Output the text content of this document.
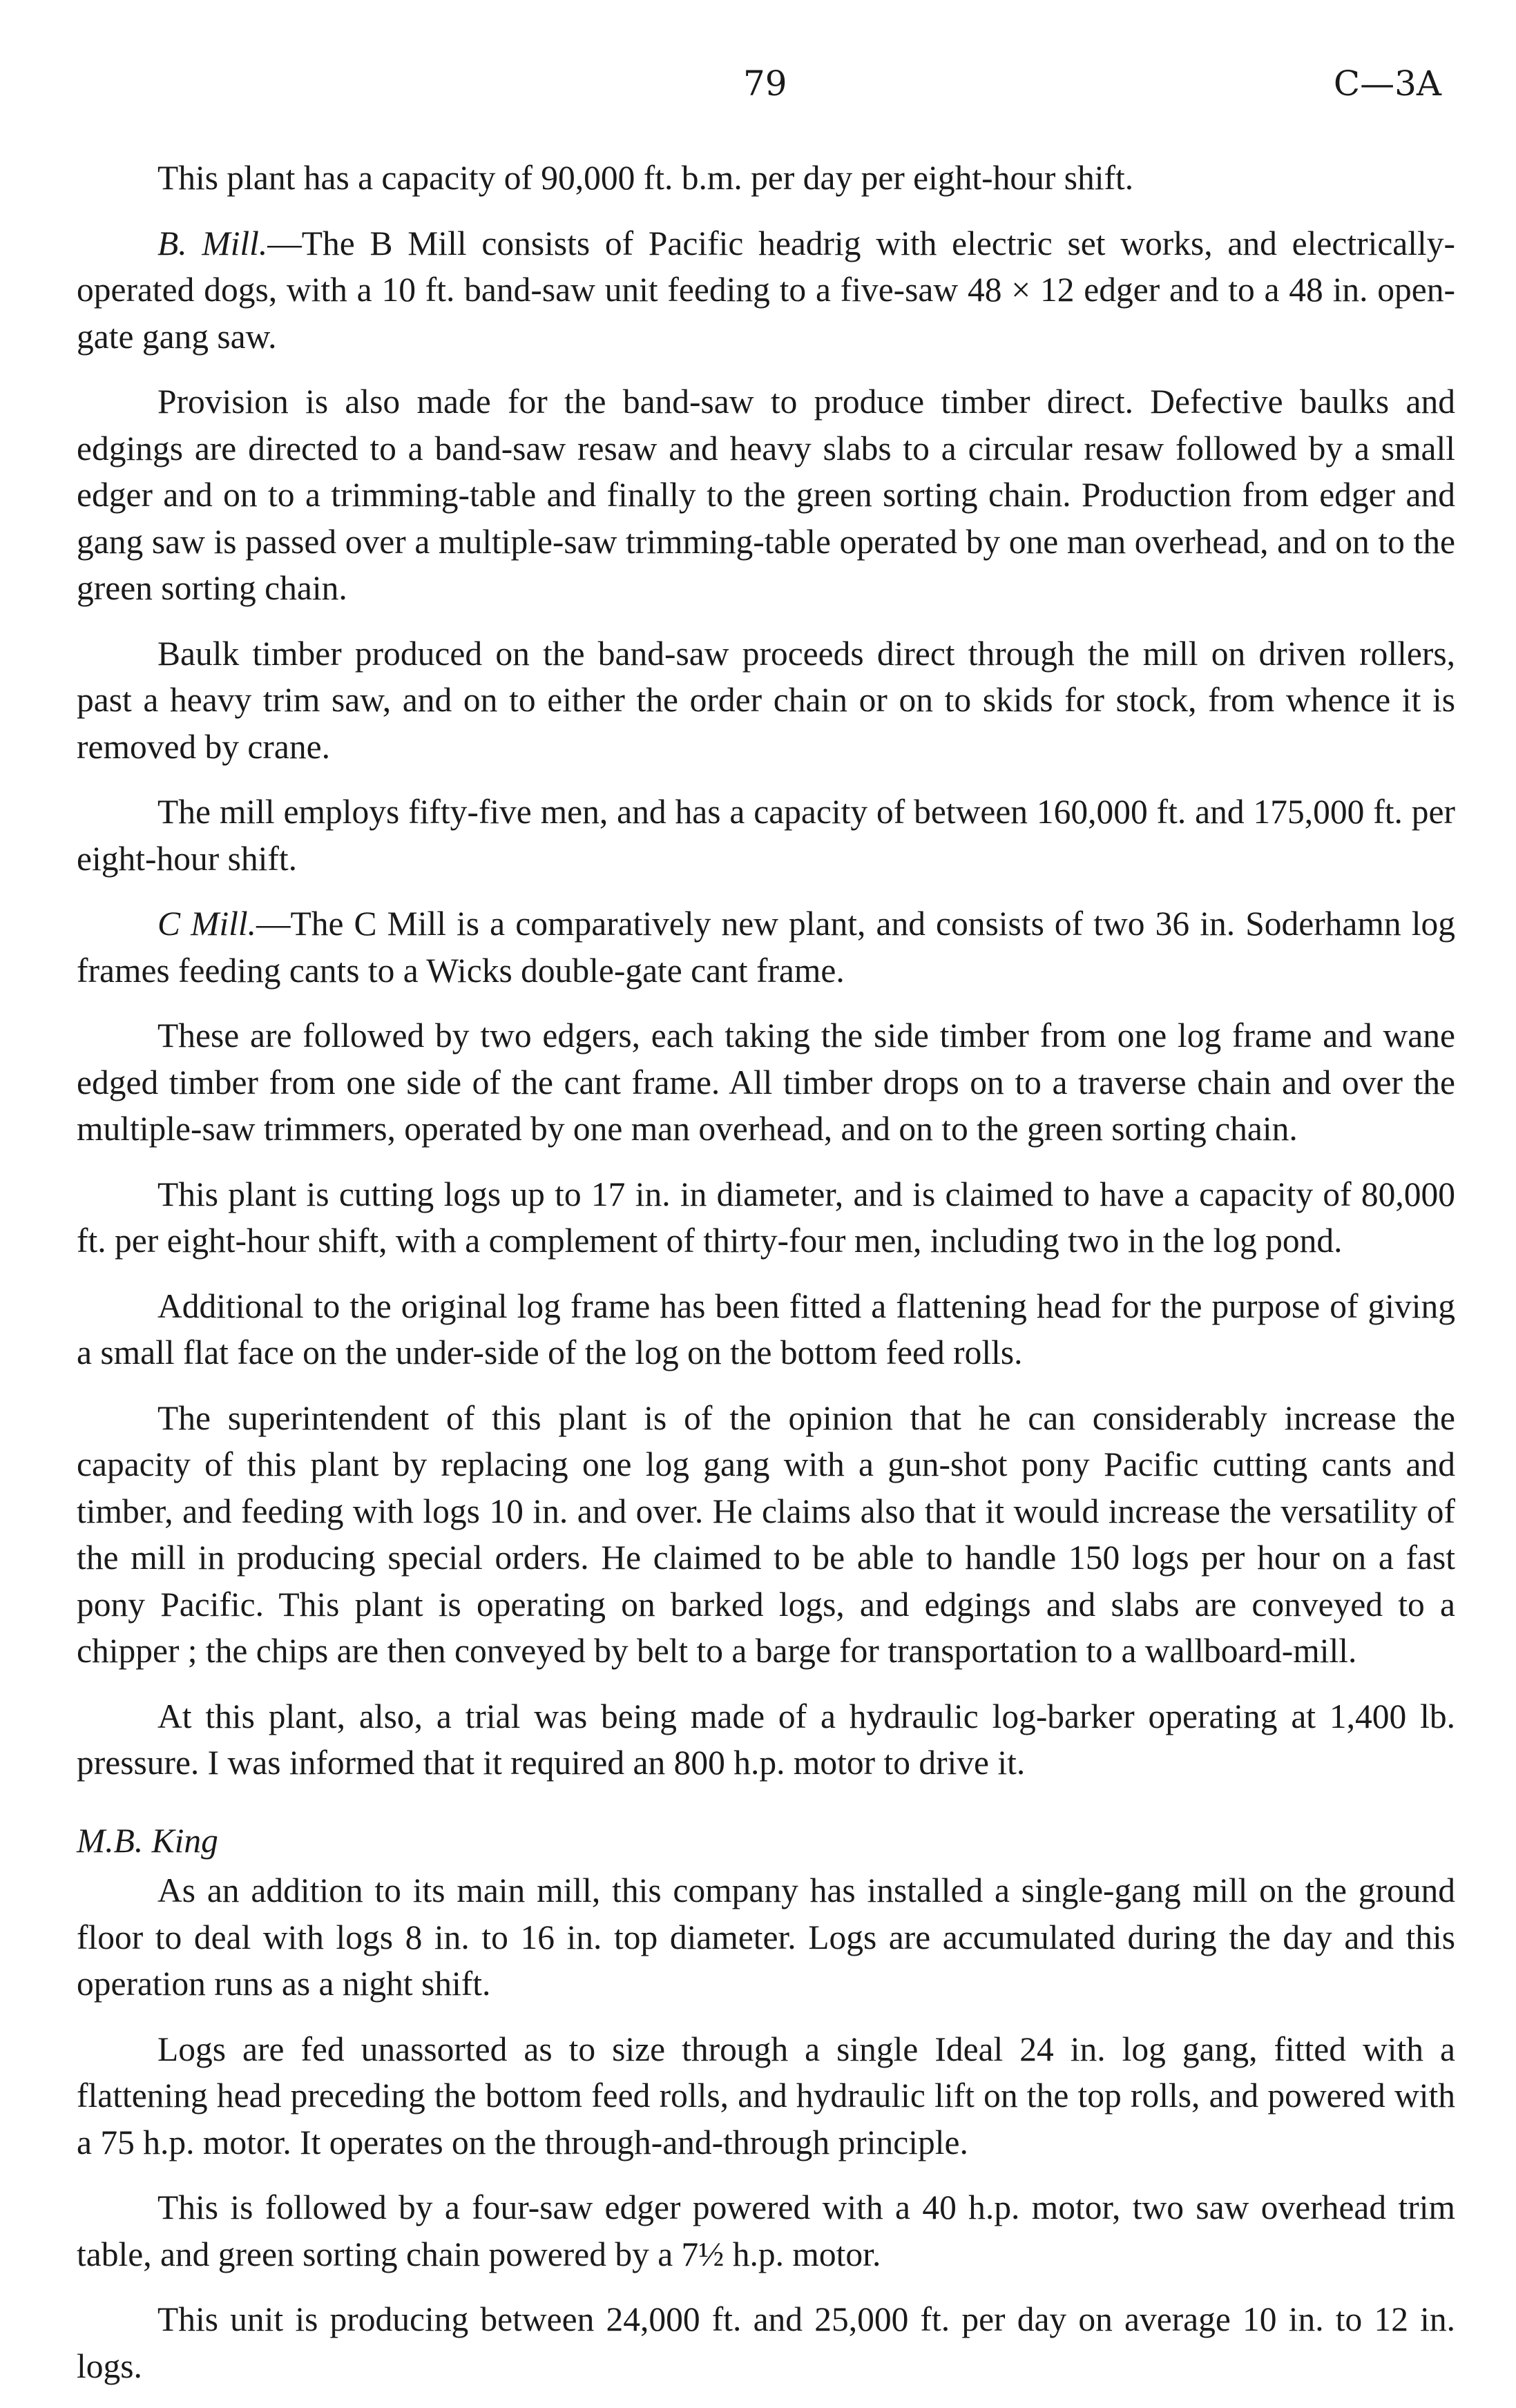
79	C—3A

This plant has a capacity of 90,000 ft. b.m. per day per eight-hour shift.

B. Mill.—The B Mill consists of Pacific headrig with electric set works, and electrically-operated dogs, with a 10 ft. band-saw unit feeding to a five-saw 48 × 12 edger and to a 48 in. open-gate gang saw.

Provision is also made for the band-saw to produce timber direct. Defective baulks and edgings are directed to a band-saw resaw and heavy slabs to a circular resaw followed by a small edger and on to a trimming-table and finally to the green sorting chain. Production from edger and gang saw is passed over a multiple-saw trimming-table operated by one man overhead, and on to the green sorting chain.

Baulk timber produced on the band-saw proceeds direct through the mill on driven rollers, past a heavy trim saw, and on to either the order chain or on to skids for stock, from whence it is removed by crane.

The mill employs fifty-five men, and has a capacity of between 160,000 ft. and 175,000 ft. per eight-hour shift.

C Mill.—The C Mill is a comparatively new plant, and consists of two 36 in. Soderhamn log frames feeding cants to a Wicks double-gate cant frame.

These are followed by two edgers, each taking the side timber from one log frame and wane edged timber from one side of the cant frame. All timber drops on to a traverse chain and over the multiple-saw trimmers, operated by one man overhead, and on to the green sorting chain.

This plant is cutting logs up to 17 in. in diameter, and is claimed to have a capacity of 80,000 ft. per eight-hour shift, with a complement of thirty-four men, including two in the log pond.

Additional to the original log frame has been fitted a flattening head for the purpose of giving a small flat face on the under-side of the log on the bottom feed rolls.

The superintendent of this plant is of the opinion that he can considerably increase the capacity of this plant by replacing one log gang with a gun-shot pony Pacific cutting cants and timber, and feeding with logs 10 in. and over. He claims also that it would increase the versatility of the mill in producing special orders. He claimed to be able to handle 150 logs per hour on a fast pony Pacific. This plant is operating on barked logs, and edgings and slabs are conveyed to a chipper ; the chips are then conveyed by belt to a barge for transportation to a wallboard-mill.

At this plant, also, a trial was being made of a hydraulic log-barker operating at 1,400 lb. pressure. I was informed that it required an 800 h.p. motor to drive it.

M.B. King

As an addition to its main mill, this company has installed a single-gang mill on the ground floor to deal with logs 8 in. to 16 in. top diameter. Logs are accumulated during the day and this operation runs as a night shift.

Logs are fed unassorted as to size through a single Ideal 24 in. log gang, fitted with a flattening head preceding the bottom feed rolls, and hydraulic lift on the top rolls, and powered with a 75 h.p. motor. It operates on the through-and-through principle.

This is followed by a four-saw edger powered with a 40 h.p. motor, two saw overhead trim table, and green sorting chain powered by a 7½ h.p. motor.

This unit is producing between 24,000 ft. and 25,000 ft. per day on average 10 in. to 12 in. logs.
